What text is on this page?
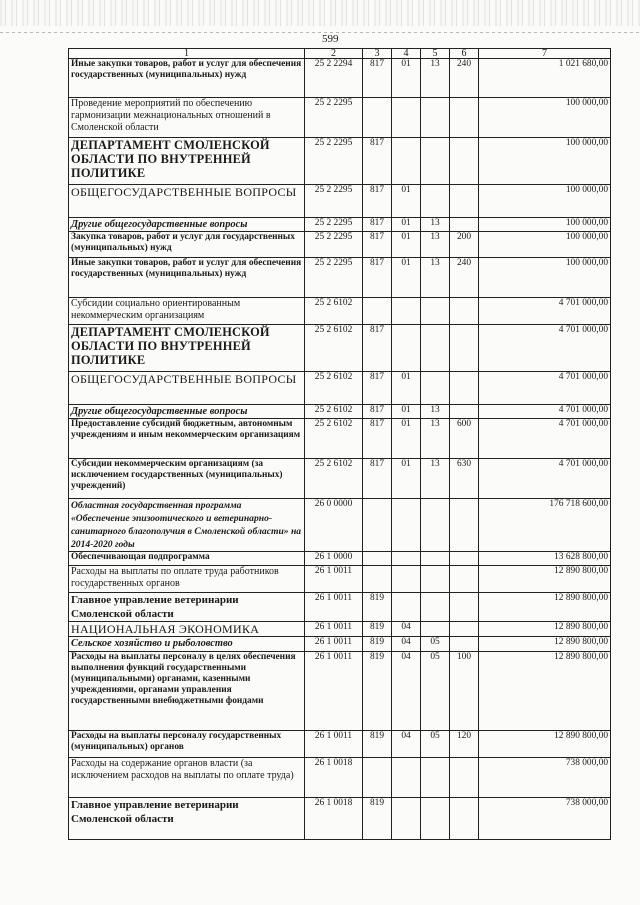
599
1	2	3	4	5	6	7
Иные закупки товаров, работ и услуг для обеспечения государственных (муниципальных) нужд	25 2 2294	817	01	13	240	1 021 680,00
Проведение мероприятий по обеспечению гармонизации межнациональных отношений в Смоленской области	25 2 2295					100 000,00
ДЕПАРТАМЕНТ СМОЛЕНСКОЙ ОБЛАСТИ ПО ВНУТРЕННЕЙ ПОЛИТИКЕ	25 2 2295	817				100 000,00
ОБЩЕГОСУДАРСТВЕННЫЕ ВОПРОСЫ	25 2 2295	817	01			100 000,00
Другие общегосударственные вопросы	25 2 2295	817	01	13		100 000,00
Закупка товаров, работ и услуг для государственных (муниципальных) нужд	25 2 2295	817	01	13	200	100 000,00
Иные закупки товаров, работ и услуг для обеспечения государственных (муниципальных) нужд	25 2 2295	817	01	13	240	100 000,00
Субсидии социально ориентированным некоммерческим организациям	25 2 6102					4 701 000,00
ДЕПАРТАМЕНТ СМОЛЕНСКОЙ ОБЛАСТИ ПО ВНУТРЕННЕЙ ПОЛИТИКЕ	25 2 6102	817				4 701 000,00
ОБЩЕГОСУДАРСТВЕННЫЕ ВОПРОСЫ	25 2 6102	817	01			4 701 000,00
Другие общегосударственные вопросы	25 2 6102	817	01	13		4 701 000,00
Предоставление субсидий бюджетным, автономным учреждениям и иным некоммерческим организациям	25 2 6102	817	01	13	600	4 701 000,00
Субсидии некоммерческим организациям (за исключением государственных (муниципальных) учреждений)	25 2 6102	817	01	13	630	4 701 000,00
Областная государственная программа «Обеспечение эпизоотического и ветеринарно-санитарного благополучия в Смоленской области» на 2014-2020 годы	26 0 0000					176 718 600,00
Обеспечивающая подпрограмма	26 1 0000					13 628 800,00
Расходы на выплаты по оплате труда работников государственных органов	26 1 0011					12 890 800,00
Главное управление ветеринарии Смоленской области	26 1 0011	819				12 890 800,00
НАЦИОНАЛЬНАЯ ЭКОНОМИКА	26 1 0011	819	04			12 890 800,00
Сельское хозяйство и рыболовство	26 1 0011	819	04	05		12 890 800,00
Расходы на выплаты персоналу в целях обеспечения выполнения функций государственными (муниципальными) органами, казенными учреждениями, органами управления государственными внебюджетными фондами	26 1 0011	819	04	05	100	12 890 800,00
Расходы на выплаты персоналу государственных (муниципальных) органов	26 1 0011	819	04	05	120	12 890 800,00
Расходы на содержание органов власти (за исключением расходов на выплаты по оплате труда)	26 1 0018					738 000,00
Главное управление ветеринарии Смоленской области	26 1 0018	819				738 000,00
